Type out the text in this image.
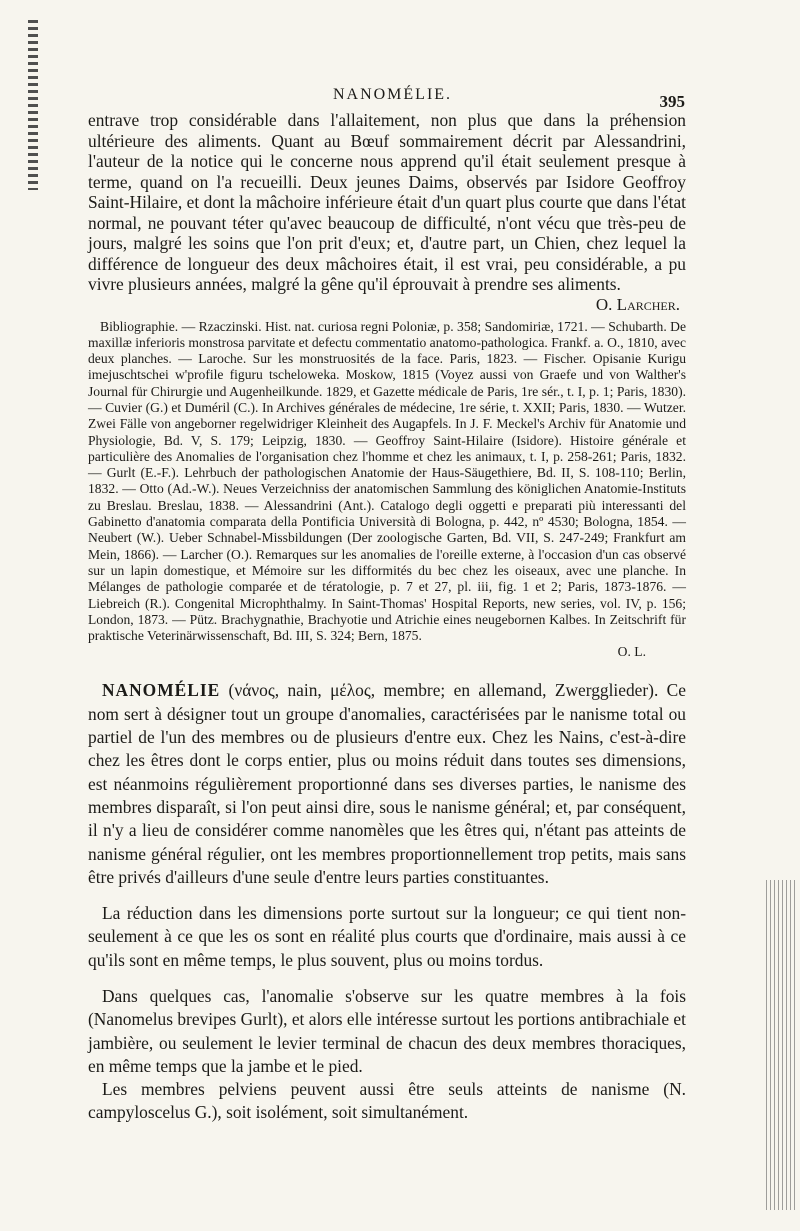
NANOMÉLIE.	395

entrave trop considérable dans l'allaitement, non plus que dans la préhension ultérieure des aliments. Quant au Bœuf sommairement décrit par Alessandrini, l'auteur de la notice qui le concerne nous apprend qu'il était seulement presque à terme, quand on l'a recueilli. Deux jeunes Daims, observés par Isidore Geoffroy Saint-Hilaire, et dont la mâchoire inférieure était d'un quart plus courte que dans l'état normal, ne pouvant téter qu'avec beaucoup de difficulté, n'ont vécu que très-peu de jours, malgré les soins que l'on prit d'eux; et, d'autre part, un Chien, chez lequel la différence de longueur des deux mâchoires était, il est vrai, peu considérable, a pu vivre plusieurs années, malgré la gêne qu'il éprouvait à prendre ses aliments.

O. Larcher.

Bibliographie. — Rzaczinski. Hist. nat. curiosa regni Poloniæ, p. 358; Sandomiriæ, 1721. — Schubarth. De maxillæ inferioris monstrosa parvitate et defectu commentatio anatomo-pathologica. Frankf. a. O., 1810, avec deux planches. — Laroche. Sur les monstruosités de la face. Paris, 1823. — Fischer. Opisanie Kurigu imejuschtschei w'profile figuru tscheloweka. Moskow, 1815 (Voyez aussi von Graefe und von Walther's Journal für Chirurgie und Augenheilkunde. 1829, et Gazette médicale de Paris, 1re sér., t. I, p. 1; Paris, 1830). — Cuvier (G.) et Duméril (C.). In Archives générales de médecine, 1re série, t. XXII; Paris, 1830. — Wutzer. Zwei Fälle von angeborner regelwidriger Kleinheit des Augapfels. In J. F. Meckel's Archiv für Anatomie und Physiologie, Bd. V, S. 179; Leipzig, 1830. — Geoffroy Saint-Hilaire (Isidore). Histoire générale et particulière des Anomalies de l'organisation chez l'homme et chez les animaux, t. I, p. 258-261; Paris, 1832. — Gurlt (E.-F.). Lehrbuch der pathologischen Anatomie der Haus-Säugethiere, Bd. II, S. 108-110; Berlin, 1832. — Otto (Ad.-W.). Neues Verzeichniss der anatomischen Sammlung des königlichen Anatomie-Instituts zu Breslau. Breslau, 1838. — Alessandrini (Ant.). Catalogo degli oggetti e preparati più interessanti del Gabinetto d'anatomia comparata della Pontificia Università di Bologna, p. 442, nº 4530; Bologna, 1854. — Neubert (W.). Ueber Schnabel-Missbildungen (Der zoologische Garten, Bd. VII, S. 247-249; Frankfurt am Mein, 1866). — Larcher (O.). Remarques sur les anomalies de l'oreille externe, à l'occasion d'un cas observé sur un lapin domestique, et Mémoire sur les difformités du bec chez les oiseaux, avec une planche. In Mélanges de pathologie comparée et de tératologie, p. 7 et 27, pl. iii, fig. 1 et 2; Paris, 1873-1876. — Liebreich (R.). Congenital Microphthalmy. In Saint-Thomas' Hospital Reports, new series, vol. IV, p. 156; London, 1873. — Pütz. Brachygnathie, Brachyotie und Atrichie eines neugebornen Kalbes. In Zeitschrift für praktische Veterinärwissenschaft, Bd. III, S. 324; Bern, 1875.

O. L.

NANOMÉLIE (νάνος, nain, μέλος, membre; en allemand, Zwergglieder). Ce nom sert à désigner tout un groupe d'anomalies, caractérisées par le nanisme total ou partiel de l'un des membres ou de plusieurs d'entre eux. Chez les Nains, c'est-à-dire chez les êtres dont le corps entier, plus ou moins réduit dans toutes ses dimensions, est néanmoins régulièrement proportionné dans ses diverses parties, le nanisme des membres disparaît, si l'on peut ainsi dire, sous le nanisme général; et, par conséquent, il n'y a lieu de considérer comme nanomèles que les êtres qui, n'étant pas atteints de nanisme général régulier, ont les membres proportionnellement trop petits, mais sans être privés d'ailleurs d'une seule d'entre leurs parties constituantes.

La réduction dans les dimensions porte surtout sur la longueur; ce qui tient non-seulement à ce que les os sont en réalité plus courts que d'ordinaire, mais aussi à ce qu'ils sont en même temps, le plus souvent, plus ou moins tordus.

Dans quelques cas, l'anomalie s'observe sur les quatre membres à la fois (Nanomelus brevipes Gurlt), et alors elle intéresse surtout les portions antibrachiale et jambière, ou seulement le levier terminal de chacun des deux membres thoraciques, en même temps que la jambe et le pied.

Les membres pelviens peuvent aussi être seuls atteints de nanisme (N. campyloscelus G.), soit isolément, soit simultanément.
